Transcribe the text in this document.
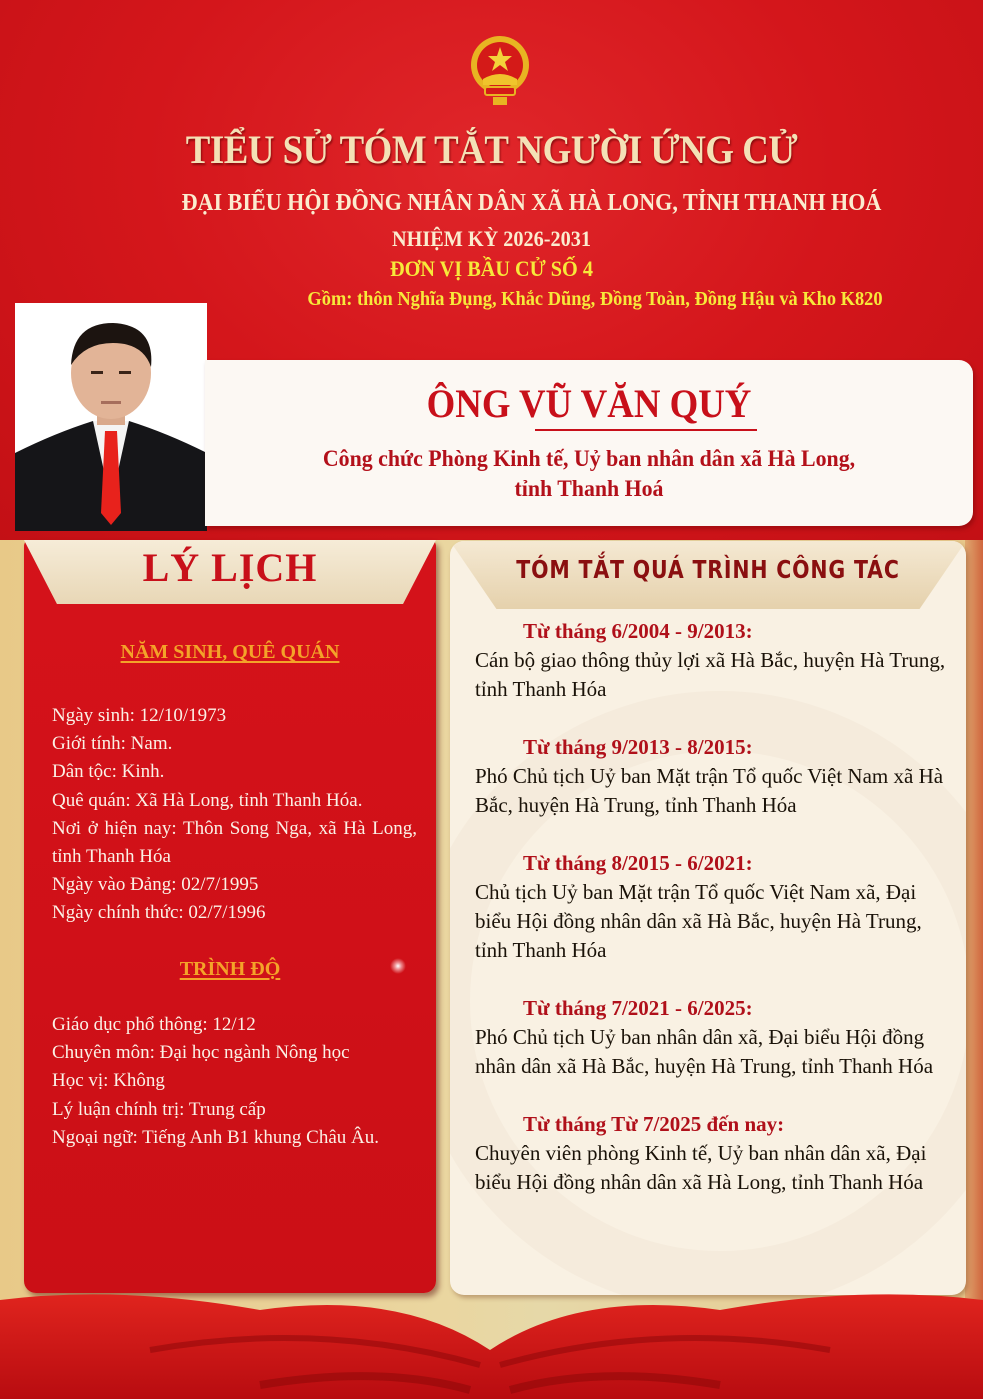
TIỂU SỬ TÓM TẮT NGƯỜI ỨNG CỬ
ĐẠI BIỂU HỘI ĐỒNG NHÂN DÂN XÃ HÀ LONG, TỈNH THANH HOÁ
NHIỆM KỲ 2026-2031
ĐƠN VỊ BẦU CỬ SỐ 4
Gồm: thôn Nghĩa Đụng, Khắc Dũng, Đồng Toàn, Đồng Hậu và Kho K820
ÔNG VŨ VĂN QUÝ
Công chức Phòng Kinh tế, Uỷ ban nhân dân xã Hà Long,
tỉnh Thanh Hoá
LÝ LỊCH
NĂM SINH, QUÊ QUÁN
Ngày sinh: 12/10/1973
Giới tính: Nam.
Dân tộc: Kinh.
Quê quán: Xã Hà Long, tỉnh Thanh Hóa.
Nơi ở hiện nay: Thôn Song Nga, xã Hà Long, tỉnh Thanh Hóa
Ngày vào Đảng: 02/7/1995
Ngày chính thức: 02/7/1996
TRÌNH ĐỘ
Giáo dục phổ thông: 12/12
Chuyên môn: Đại học ngành Nông học
Học vị: Không
Lý luận chính trị: Trung cấp
Ngoại ngữ: Tiếng Anh B1 khung Châu Âu.
TÓM TẮT QUÁ TRÌNH CÔNG TÁC
Từ tháng 6/2004 - 9/2013:
Cán bộ giao thông thủy lợi xã Hà Bắc, huyện Hà Trung, tỉnh Thanh Hóa
Từ tháng 9/2013 - 8/2015:
Phó Chủ tịch Uỷ ban Mặt trận Tổ quốc Việt Nam xã Hà Bắc, huyện Hà Trung, tỉnh Thanh Hóa
Từ tháng 8/2015 - 6/2021:
Chủ tịch Uỷ ban Mặt trận Tổ quốc Việt Nam xã, Đại biểu Hội đồng nhân dân xã Hà Bắc, huyện Hà Trung, tỉnh Thanh Hóa
Từ tháng 7/2021 - 6/2025:
Phó Chủ tịch Uỷ ban nhân dân xã, Đại biểu Hội đồng nhân dân xã Hà Bắc, huyện Hà Trung, tỉnh Thanh Hóa
Từ tháng Từ 7/2025 đến nay:
Chuyên viên phòng Kinh tế, Uỷ ban nhân dân xã, Đại biểu Hội đồng nhân dân xã Hà Long, tỉnh Thanh Hóa
